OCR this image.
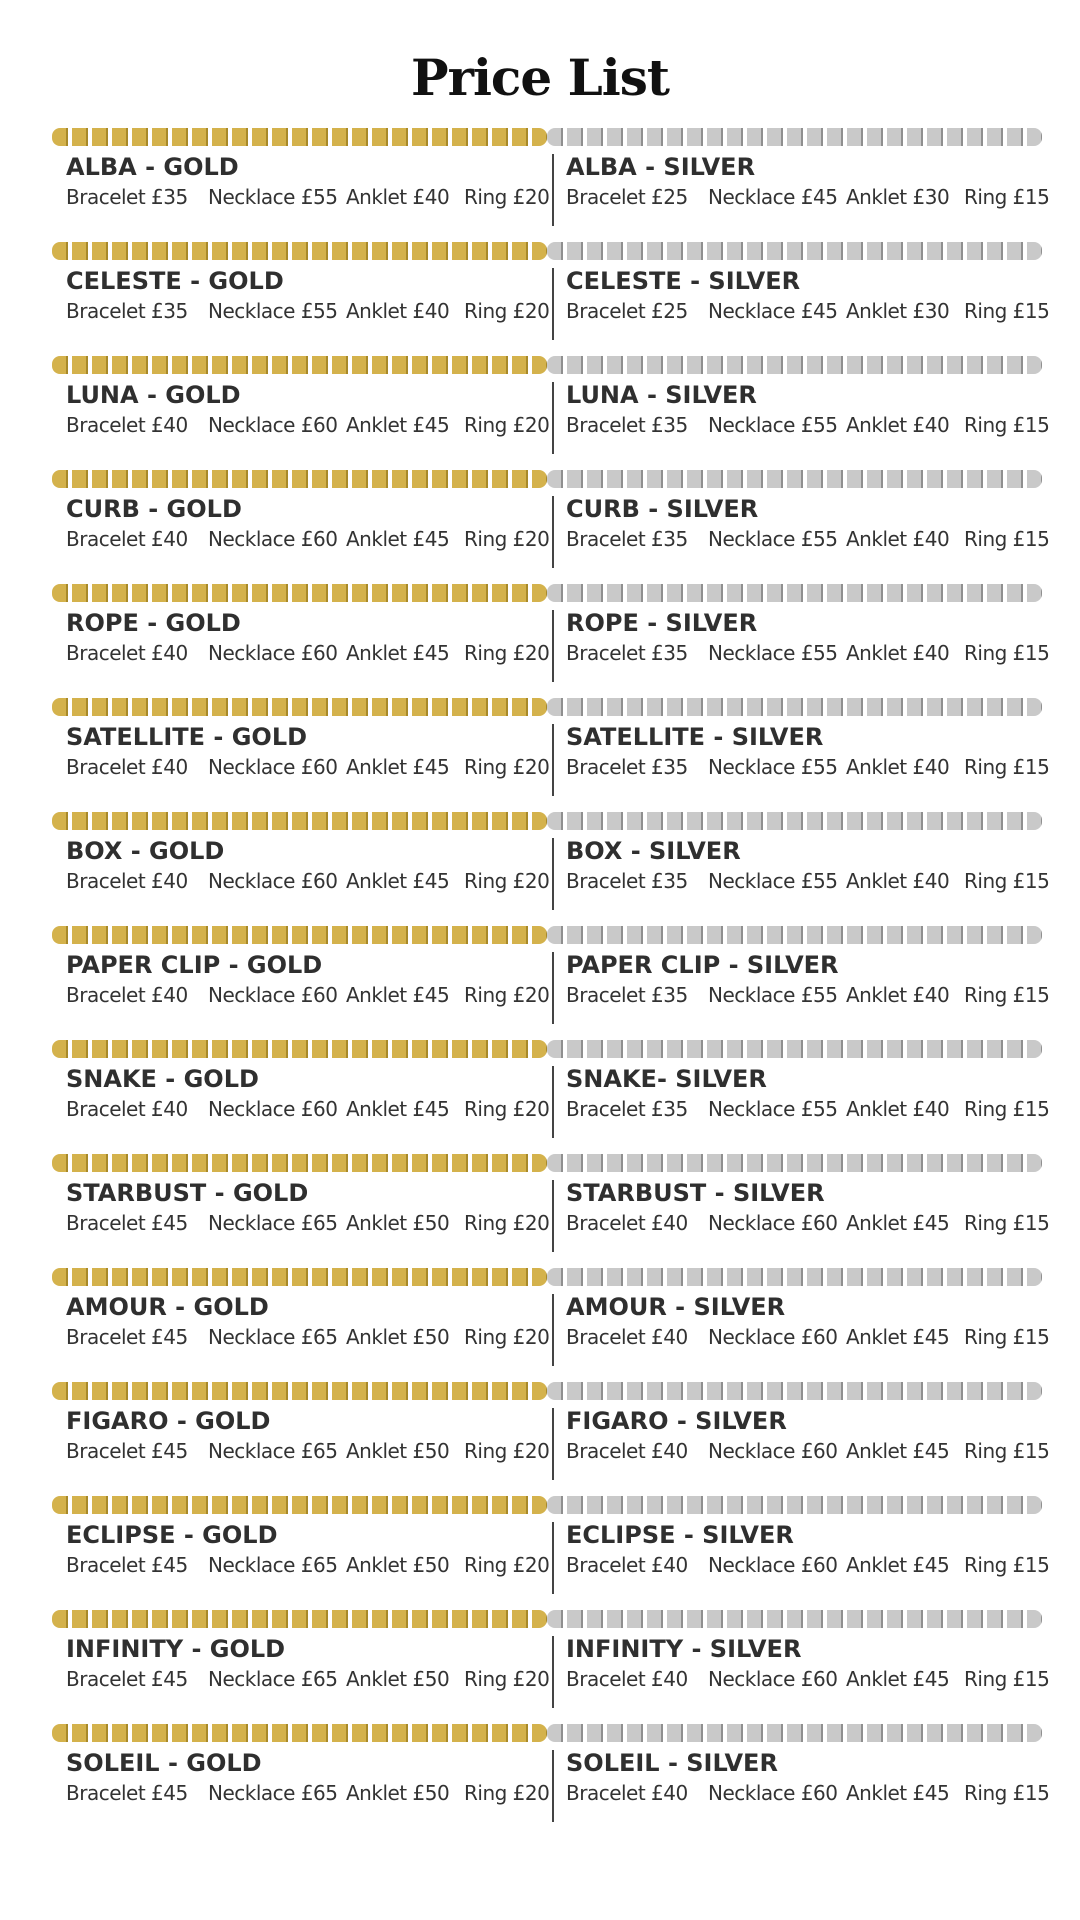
Price List
ALBA - GOLD
Bracelet £35	Necklace £55 Anklet £40 Ring £20
ALBA - SILVER
Bracelet £25	Necklace £45 Anklet £30 Ring £15
CELESTE - GOLD
Bracelet £35	Necklace £55 Anklet £40 Ring £20
CELESTE - SILVER
Bracelet £25	Necklace £45 Anklet £30 Ring £15
LUNA - GOLD
Bracelet £40	Necklace £60 Anklet £45 Ring £20
LUNA - SILVER
Bracelet £35	Necklace £55 Anklet £40 Ring £15
CURB - GOLD
Bracelet £40	Necklace £60 Anklet £45 Ring £20
CURB - SILVER
Bracelet £35	Necklace £55 Anklet £40 Ring £15
ROPE - GOLD
Bracelet £40	Necklace £60 Anklet £45 Ring £20
ROPE - SILVER
Bracelet £35	Necklace £55 Anklet £40 Ring £15
SATELLITE - GOLD
Bracelet £40	Necklace £60 Anklet £45 Ring £20
SATELLITE - SILVER
Bracelet £35	Necklace £55 Anklet £40 Ring £15
BOX - GOLD
Bracelet £40	Necklace £60 Anklet £45 Ring £20
BOX - SILVER
Bracelet £35	Necklace £55 Anklet £40 Ring £15
PAPER CLIP - GOLD
Bracelet £40	Necklace £60 Anklet £45 Ring £20
PAPER CLIP - SILVER
Bracelet £35	Necklace £55 Anklet £40 Ring £15
SNAKE - GOLD
Bracelet £40	Necklace £60 Anklet £45 Ring £20
SNAKE- SILVER
Bracelet £35	Necklace £55 Anklet £40 Ring £15
STARBUST - GOLD
Bracelet £45	Necklace £65 Anklet £50 Ring £20
STARBUST - SILVER
Bracelet £40	Necklace £60 Anklet £45 Ring £15
AMOUR - GOLD
Bracelet £45	Necklace £65 Anklet £50 Ring £20
AMOUR - SILVER
Bracelet £40	Necklace £60 Anklet £45 Ring £15
FIGARO - GOLD
Bracelet £45	Necklace £65 Anklet £50 Ring £20
FIGARO - SILVER
Bracelet £40	Necklace £60 Anklet £45 Ring £15
ECLIPSE - GOLD
Bracelet £45	Necklace £65 Anklet £50 Ring £20
ECLIPSE - SILVER
Bracelet £40	Necklace £60 Anklet £45 Ring £15
INFINITY - GOLD
Bracelet £45	Necklace £65 Anklet £50 Ring £20
INFINITY - SILVER
Bracelet £40	Necklace £60 Anklet £45 Ring £15
SOLEIL - GOLD
Bracelet £45	Necklace £65 Anklet £50 Ring £20
SOLEIL - SILVER
Bracelet £40	Necklace £60 Anklet £45 Ring £15
